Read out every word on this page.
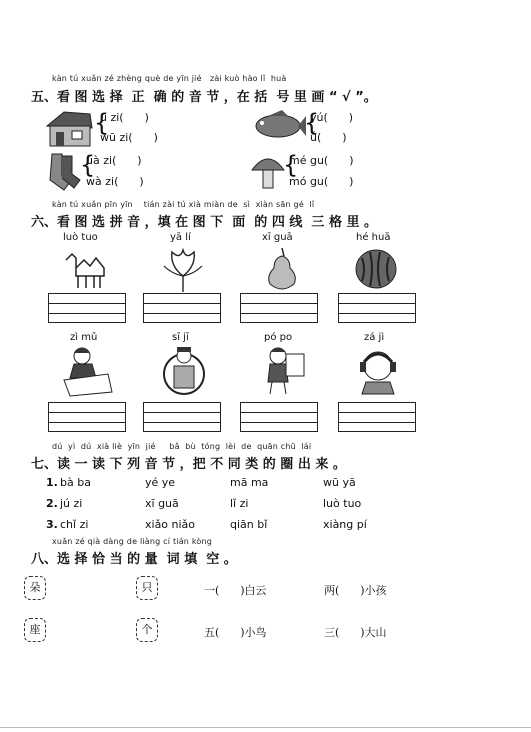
kàn tú xuǎn zé zhèng què de yīn jié   zài kuò hào lǐ  huà
五、看 图 选 择  正  确 的 音 节 ，在 括  号 里 画 “ √ ”。
{
ū zi(      )
wū zi(      )
{
yú(      )
ǘ(      )
{
uà zi(      )
wà zi(      )
{
mé gu(      )
mó gu(      )
kàn tú xuǎn pīn yīn    tián zài tú xià miàn de  sì  xiàn sān gé  lǐ
六、看 图 选 拼 音 ，填 在 图 下  面  的 四 线  三 格 里 。
luò tuo	yā lí	xī guā	hé huā
zì mǔ	sī jī	pó po	zá jì
dú  yì  dú  xià liè  yīn  jié     bǎ  bù  tóng  lèi  de  quān chū  lái
七、读 一 读 下 列 音 节 ，把 不 同 类 的 圈 出 来 。
1. bà ba	yé ye	mā ma	wū yā
2. jú zi	xī guā	lǐ zi	luò tuo
3. chǐ zi	xiǎo niǎo	qiān bǐ	xiàng pí
xuǎn zé qià dàng de liàng cí tián kòng
八、选 择 恰 当 的 量  词 填  空 。
朵	只
座	个
一(      )白云	两(      )小孩
五(      )小鸟	三(      )大山
